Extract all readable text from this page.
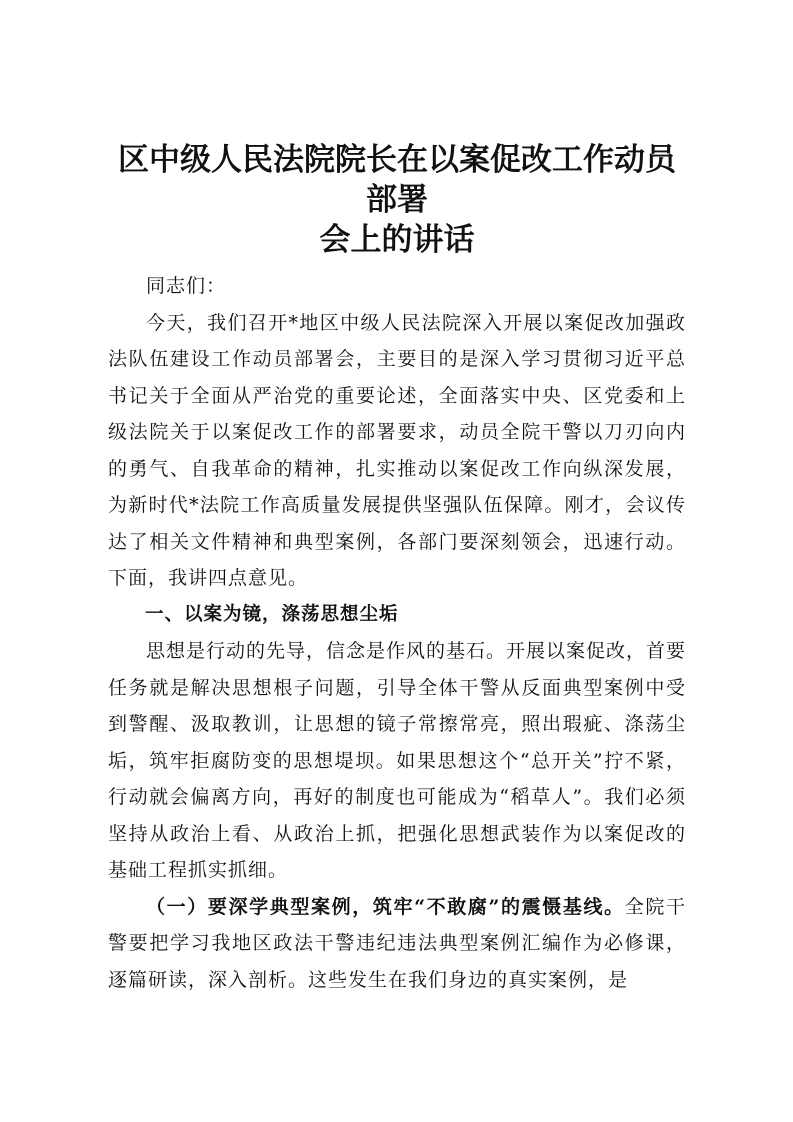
区中级人民法院院长在以案促改工作动员部署
会上的讲话

同志们：

今天，我们召开*地区中级人民法院深入开展以案促改加强政法队伍建设工作动员部署会，主要目的是深入学习贯彻习近平总书记关于全面从严治党的重要论述，全面落实中央、区党委和上级法院关于以案促改工作的部署要求，动员全院干警以刀刃向内的勇气、自我革命的精神，扎实推动以案促改工作向纵深发展，为新时代*法院工作高质量发展提供坚强队伍保障。刚才，会议传达了相关文件精神和典型案例，各部门要深刻领会，迅速行动。下面，我讲四点意见。

一、以案为镜，涤荡思想尘垢

思想是行动的先导，信念是作风的基石。开展以案促改，首要任务就是解决思想根子问题，引导全体干警从反面典型案例中受到警醒、汲取教训，让思想的镜子常擦常亮，照出瑕疵、涤荡尘垢，筑牢拒腐防变的思想堤坝。如果思想这个“总开关”拧不紧，行动就会偏离方向，再好的制度也可能成为“稻草人”。我们必须坚持从政治上看、从政治上抓，把强化思想武装作为以案促改的基础工程抓实抓细。

（一）要深学典型案例，筑牢“不敢腐”的震慑基线。全院干警要把学习我地区政法干警违纪违法典型案例汇编作为必修课，逐篇研读，深入剖析。这些发生在我们身边的真实案例，是
